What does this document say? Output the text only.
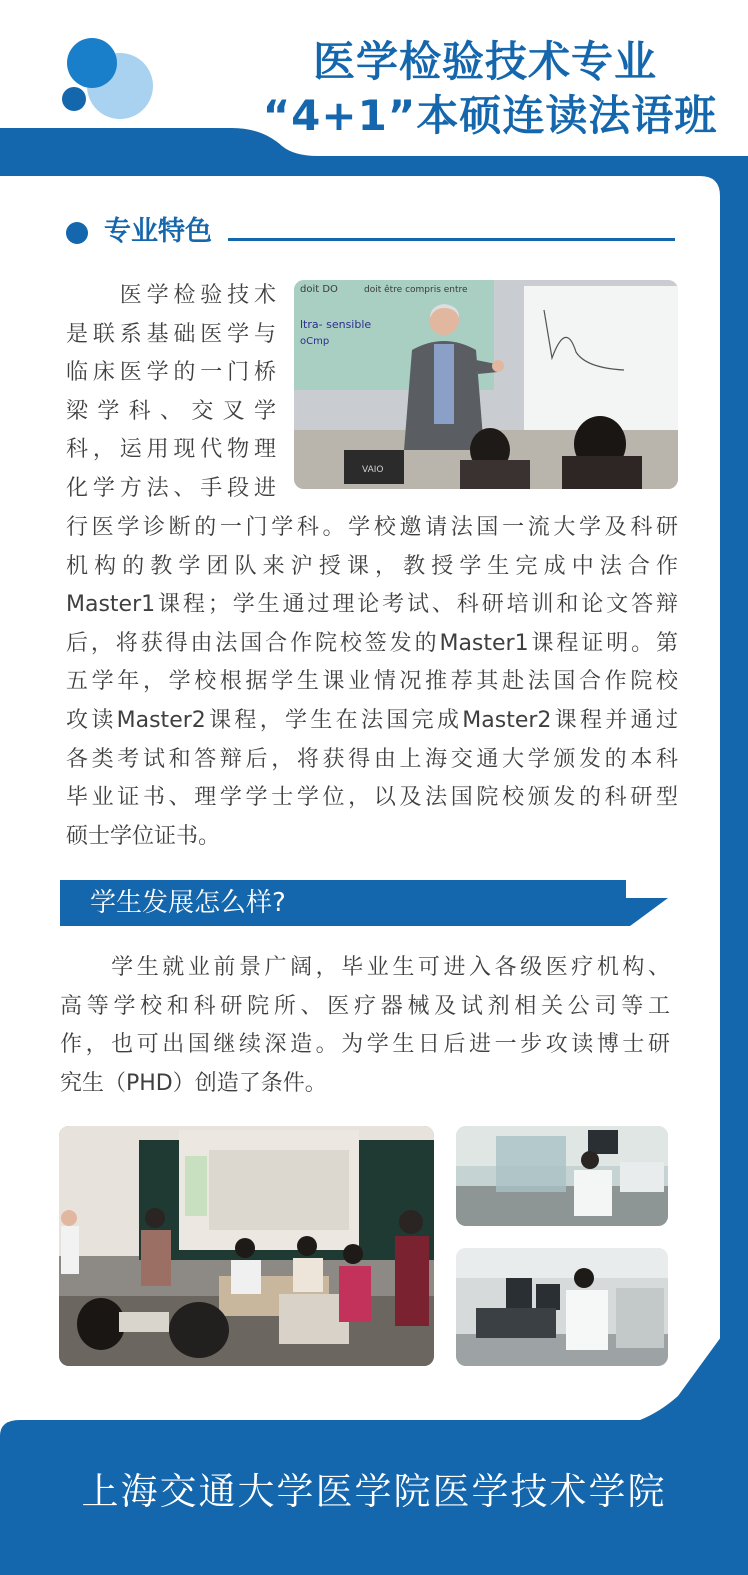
医学检验技术专业
“4+1”本硕连读法语班
专业特色
　　医学检验技术
是联系基础医学与
临床医学的一门桥
梁学科、交叉学
科，运用现代物理
化学方法、手段进
doit DO	doit être compris entre
ltra- sensible
oCmp
VAIO
行医学诊断的一门学科。学校邀请法国一流大学及科研
机构的教学团队来沪授课，教授学生完成中法合作
Master1课程；学生通过理论考试、科研培训和论文答辩
后，将获得由法国合作院校签发的Master1课程证明。第
五学年，学校根据学生课业情况推荐其赴法国合作院校
攻读Master2课程，学生在法国完成Master2课程并通过
各类考试和答辩后，将获得由上海交通大学颁发的本科
毕业证书、理学学士学位，以及法国院校颁发的科研型
硕士学位证书。
学生发展怎么样?
　　学生就业前景广阔，毕业生可进入各级医疗机构、
高等学校和科研院所、医疗器械及试剂相关公司等工
作，也可出国继续深造。为学生日后进一步攻读博士研
究生（PHD）创造了条件。
上海交通大学医学院医学技术学院
